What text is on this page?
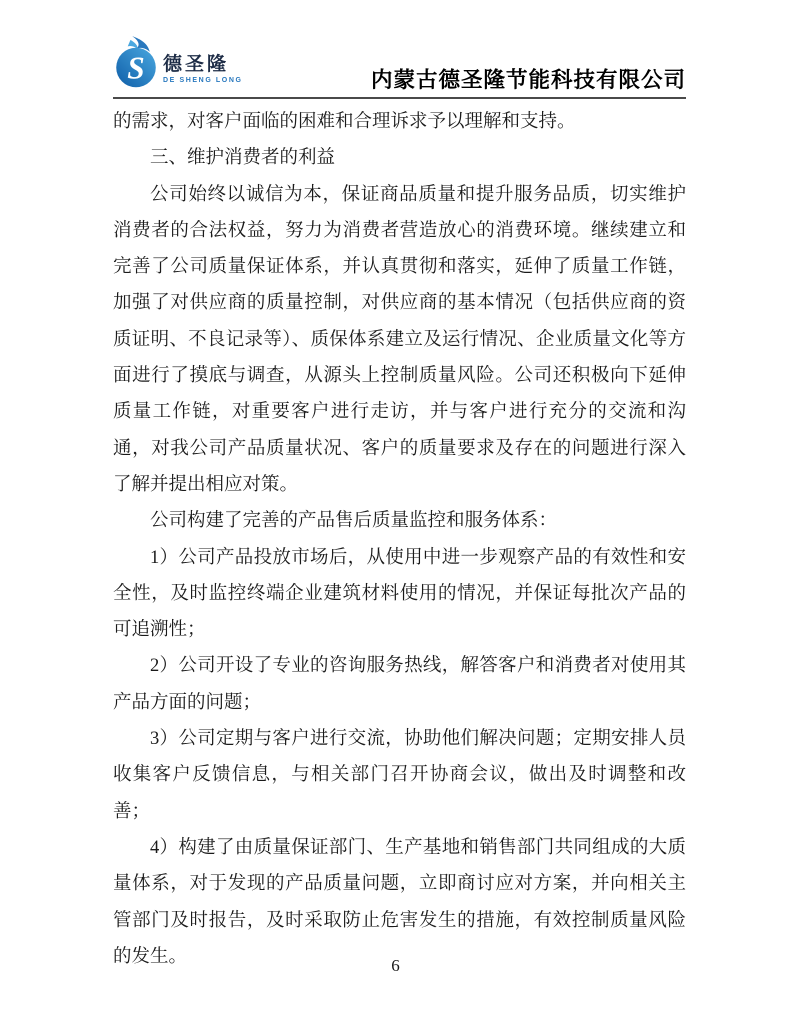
S 德圣隆
DE SHENG LONG	内蒙古德圣隆节能科技有限公司

的需求，对客户面临的困难和合理诉求予以理解和支持。

三、维护消费者的利益

公司始终以诚信为本，保证商品质量和提升服务品质，切实维护消费者的合法权益，努力为消费者营造放心的消费环境。继续建立和完善了公司质量保证体系，并认真贯彻和落实，延伸了质量工作链，加强了对供应商的质量控制，对供应商的基本情况（包括供应商的资质证明、不良记录等）、质保体系建立及运行情况、企业质量文化等方面进行了摸底与调查，从源头上控制质量风险。公司还积极向下延伸质量工作链，对重要客户进行走访，并与客户进行充分的交流和沟通，对我公司产品质量状况、客户的质量要求及存在的问题进行深入了解并提出相应对策。

公司构建了完善的产品售后质量监控和服务体系：

1）公司产品投放市场后，从使用中进一步观察产品的有效性和安全性，及时监控终端企业建筑材料使用的情况，并保证每批次产品的可追溯性；

2）公司开设了专业的咨询服务热线，解答客户和消费者对使用其产品方面的问题；

3）公司定期与客户进行交流，协助他们解决问题；定期安排人员收集客户反馈信息，与相关部门召开协商会议，做出及时调整和改善；

4）构建了由质量保证部门、生产基地和销售部门共同组成的大质量体系，对于发现的产品质量问题，立即商讨应对方案，并向相关主管部门及时报告，及时采取防止危害发生的措施，有效控制质量风险的发生。	6
